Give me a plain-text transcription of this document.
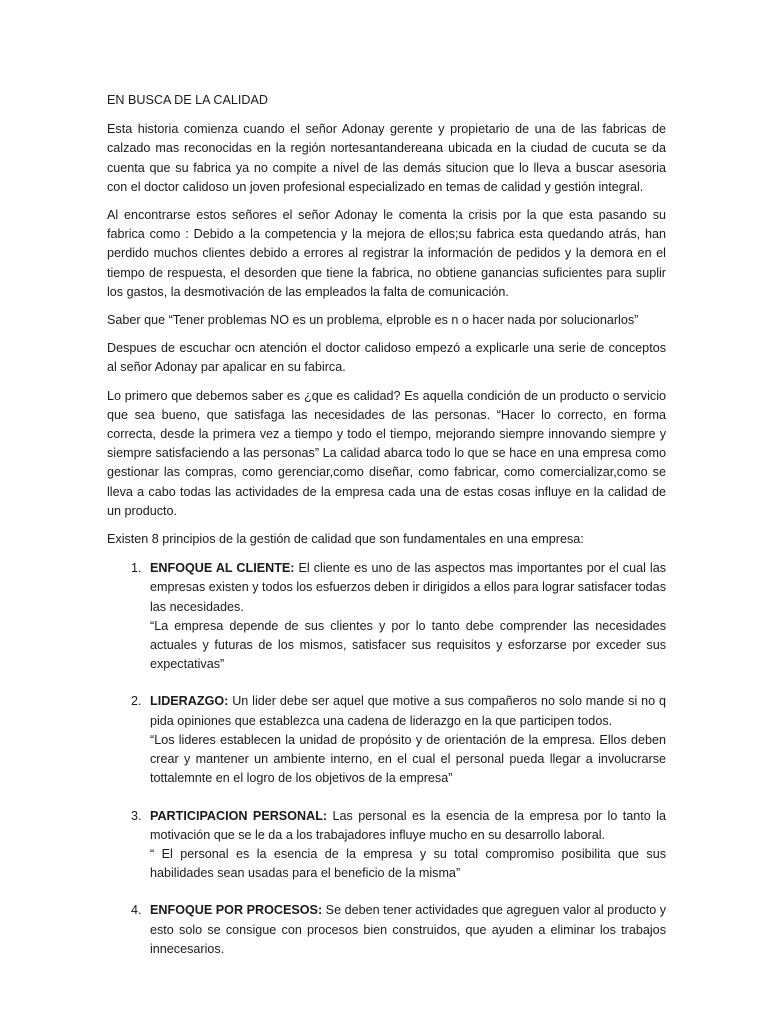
EN BUSCA DE LA CALIDAD

Esta historia comienza cuando el señor Adonay gerente y propietario de una de las fabricas de calzado mas reconocidas en la región nortesantandereana ubicada en la ciudad de cucuta se da cuenta que su fabrica ya no compite a nivel de las demás situcion que lo lleva a buscar asesoria con el doctor calidoso un joven profesional especializado en temas de calidad y gestión integral.

Al encontrarse estos señores el señor Adonay le comenta la crisis por la que esta pasando su fabrica como : Debido a la competencia y la mejora de ellos;su fabrica esta quedando atrás, han perdido muchos clientes debido a errores al registrar la información de pedidos y la demora en el tiempo de respuesta, el desorden que tiene la fabrica, no obtiene ganancias suficientes para suplir los gastos, la desmotivación de las empleados la falta de comunicación.

Saber que “Tener problemas NO es un problema, elproble es n o hacer nada por solucionarlos”

Despues de escuchar ocn atención el doctor calidoso empezó a explicarle una serie de conceptos al señor Adonay par apalicar en su fabirca.

Lo primero que debemos saber es ¿que es calidad? Es aquella condición de un producto o servicio que sea bueno, que satisfaga las necesidades de las personas. “Hacer lo correcto, en forma correcta, desde la primera vez a tiempo y todo el tiempo, mejorando siempre innovando siempre y siempre satisfaciendo a las personas” La calidad abarca todo lo que se hace en una empresa como gestionar las compras, como gerenciar,como diseñar, como fabricar, como comercializar,como se lleva a cabo todas las actividades de la empresa cada una de estas cosas influye en la calidad de un producto.

Existen 8 principios de la gestión de calidad que son fundamentales en una empresa:

1. ENFOQUE AL CLIENTE: El cliente es uno de las aspectos mas importantes por el cual las empresas existen y todos los esfuerzos deben ir dirigidos a ellos para lograr satisfacer todas las necesidades.
“La empresa depende de sus clientes y por lo tanto debe comprender las necesidades actuales y futuras de los mismos, satisfacer sus requisitos y esforzarse por exceder sus expectativas”
2. LIDERAZGO: Un lider debe ser aquel que motive a sus compañeros no solo mande si no q pida opiniones que establezca una cadena de liderazgo en la que participen todos.
“Los lideres establecen la unidad de propósito y de orientación de la empresa. Ellos deben crear y mantener un ambiente interno, en el cual el personal pueda llegar a involucrarse tottalemnte en el logro de los objetivos de la empresa”
3. PARTICIPACION PERSONAL: Las personal es la esencia de la empresa por lo tanto la motivación que se le da a los trabajadores influye mucho en su desarrollo laboral.
“ El personal es la esencia de la empresa y su total compromiso posibilita que sus habilidades sean usadas para el beneficio de la misma”
4. ENFOQUE POR PROCESOS: Se deben tener actividades que agreguen valor al producto y esto solo se consigue con procesos bien construidos, que ayuden a eliminar los trabajos innecesarios.
